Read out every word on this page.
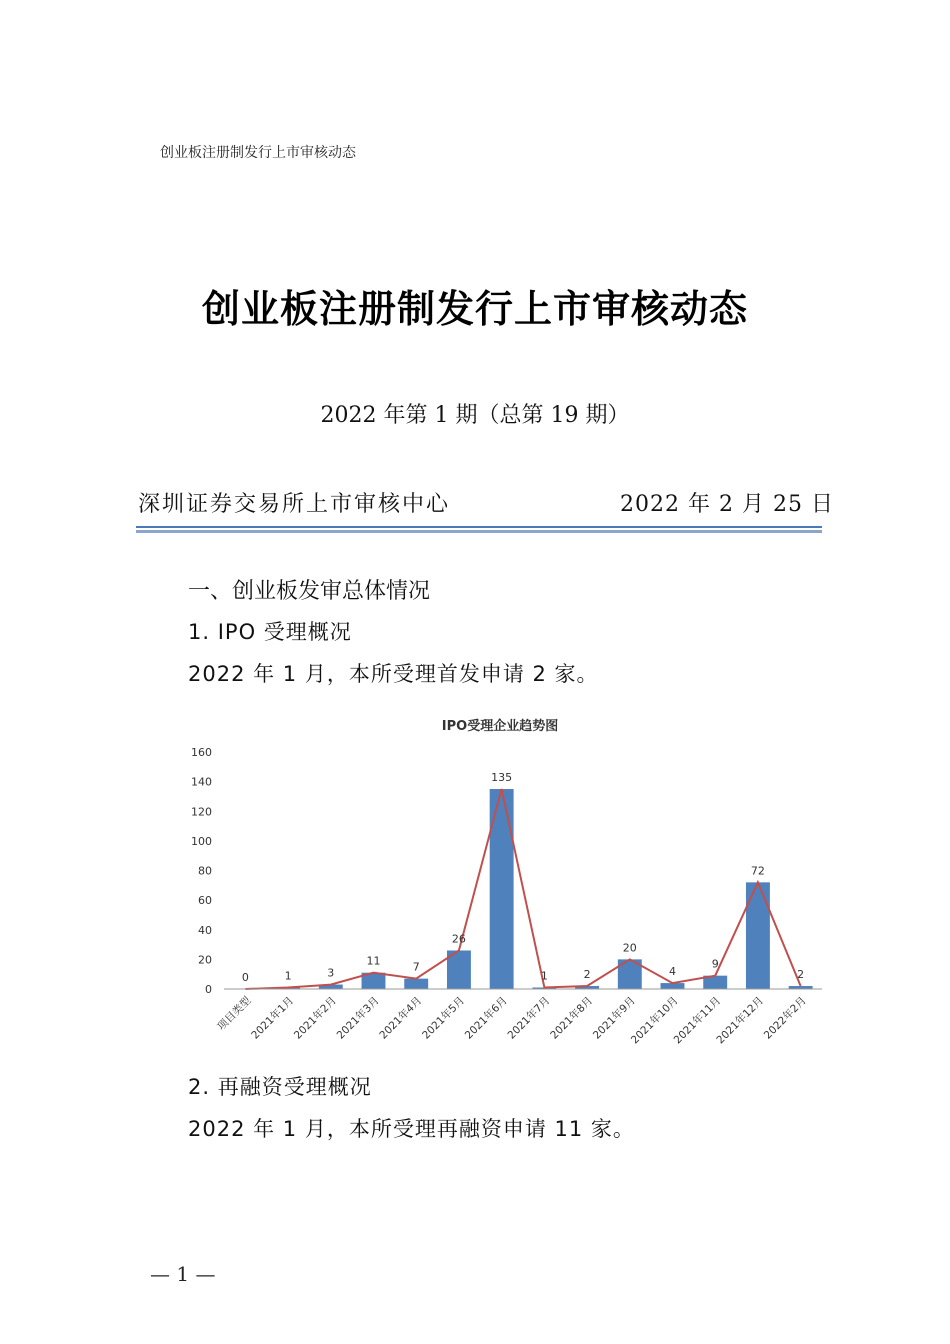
创业板注册制发行上市审核动态
创业板注册制发行上市审核动态
2022 年第 1 期（总第 19 期）
深圳证券交易所上市审核中心	2022 年 2 月 25 日
一、创业板发审总体情况
1. IPO 受理概况
2022 年 1 月，本所受理首发申请 2 家。
IPO受理企业趋势图
0
20
40
60
80
100
120
140
160
0	1	3
11	7
26
135
1	2
20
4
9
72
2
项目类型
2021年1月
2021年2月
2021年3月
2021年4月
2021年5月
2021年6月
2021年7月
2021年8月
2021年9月
2021年10月
2021年11月
2021年12月
2022年2月
2. 再融资受理概况
2022 年 1 月，本所受理再融资申请 11 家。
— 1 —
